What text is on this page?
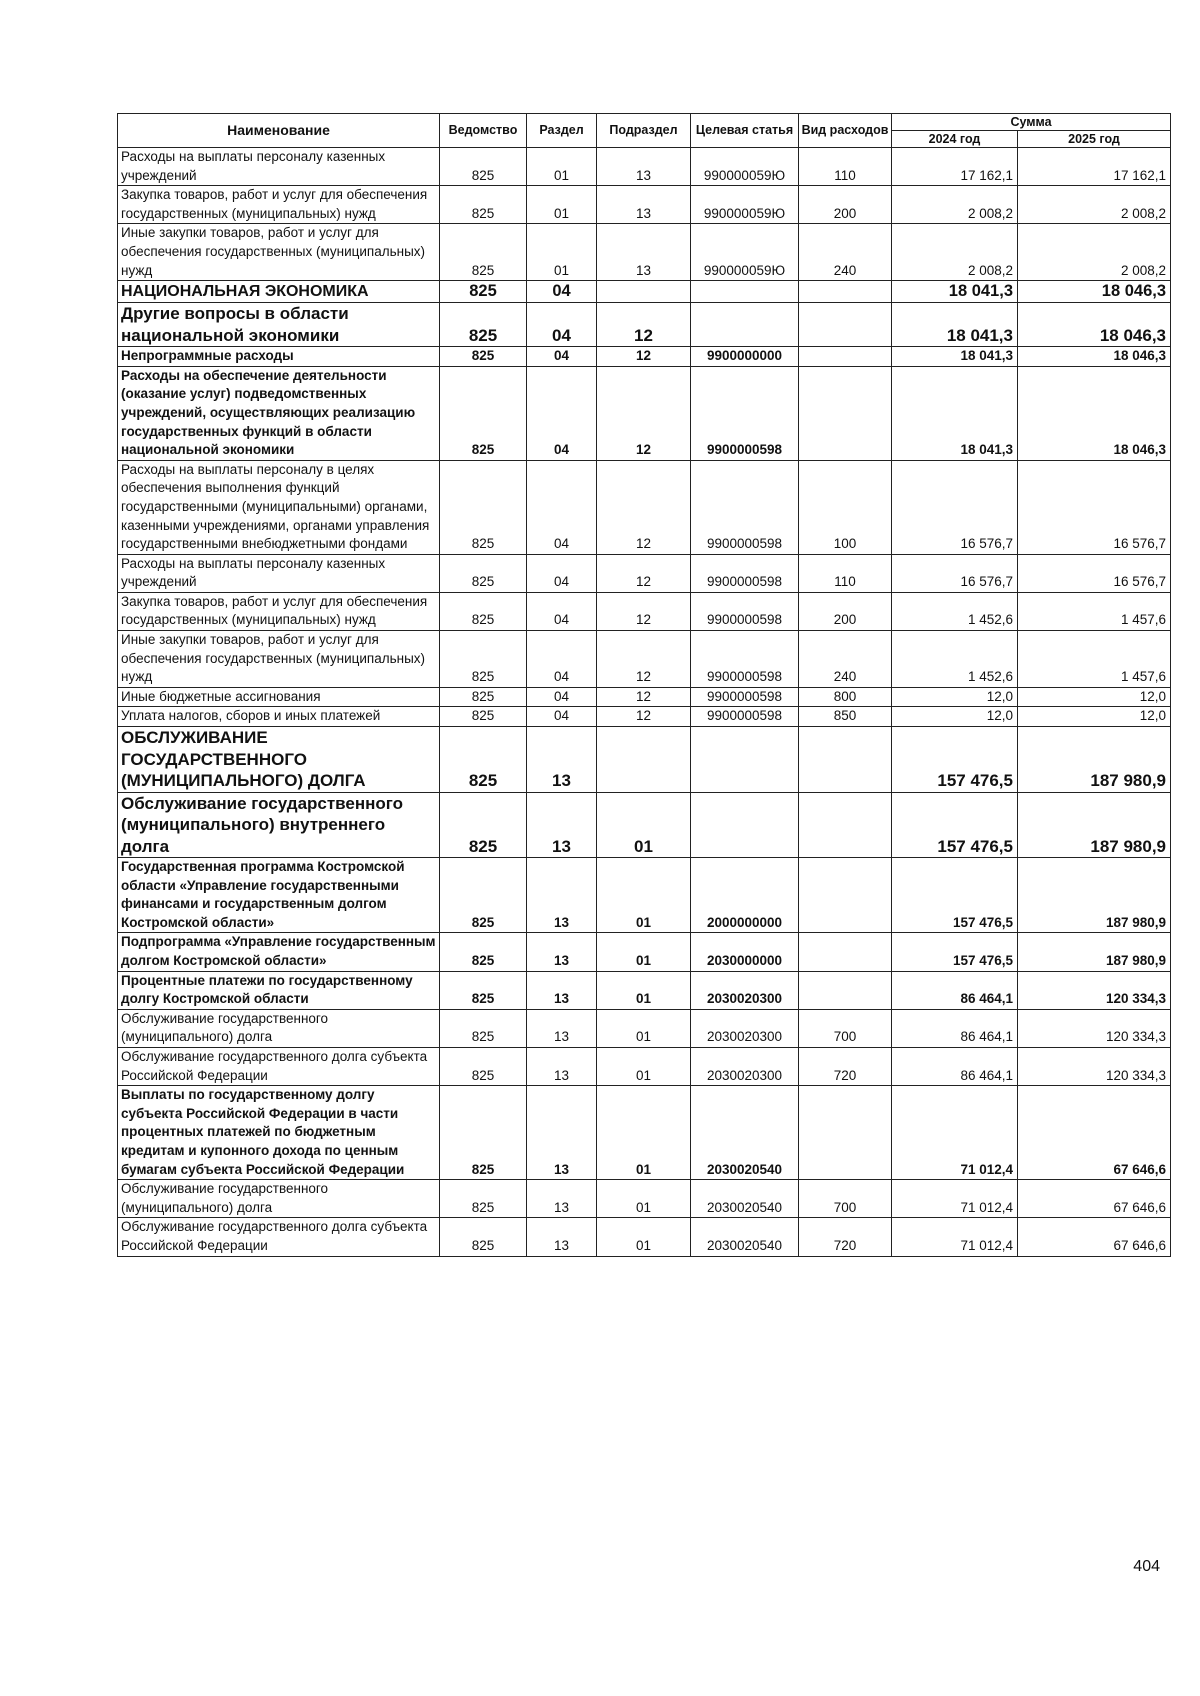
Наименование	Ведомство	Раздел	Подраздел	Целевая статья	Вид расходов	Сумма	
						2024 год	2025 год
Расходы на выплаты персоналу казенных учреждений	825	01	13	990000059Ю	110	17 162,1	17 162,1
Закупка товаров, работ и услуг для обеспечения государственных (муниципальных) нужд	825	01	13	990000059Ю	200	2 008,2	2 008,2
Иные закупки товаров, работ и услуг для обеспечения государственных (муниципальных) нужд	825	01	13	990000059Ю	240	2 008,2	2 008,2
НАЦИОНАЛЬНАЯ ЭКОНОМИКА	825	04				18 041,3	18 046,3
Другие вопросы в области национальной экономики	825	04	12			18 041,3	18 046,3
Непрограммные расходы	825	04	12	9900000000		18 041,3	18 046,3
Расходы на обеспечение деятельности (оказание услуг) подведомственных учреждений, осуществляющих реализацию государственных функций в области национальной экономики	825	04	12	9900000598		18 041,3	18 046,3
Расходы на выплаты персоналу в целях обеспечения выполнения функций государственными (муниципальными) органами, казенными учреждениями, органами управления государственными внебюджетными фондами	825	04	12	9900000598	100	16 576,7	16 576,7
Расходы на выплаты персоналу казенных учреждений	825	04	12	9900000598	110	16 576,7	16 576,7
Закупка товаров, работ и услуг для обеспечения государственных (муниципальных) нужд	825	04	12	9900000598	200	1 452,6	1 457,6
Иные закупки товаров, работ и услуг для обеспечения государственных (муниципальных) нужд	825	04	12	9900000598	240	1 452,6	1 457,6
Иные бюджетные ассигнования	825	04	12	9900000598	800	12,0	12,0
Уплата налогов, сборов и иных платежей	825	04	12	9900000598	850	12,0	12,0
ОБСЛУЖИВАНИЕ ГОСУДАРСТВЕННОГО (МУНИЦИПАЛЬНОГО) ДОЛГА	825	13				157 476,5	187 980,9
Обслуживание государственного (муниципального) внутреннего долга	825	13	01			157 476,5	187 980,9
Государственная программа Костромской области «Управление государственными финансами и государственным долгом Костромской области»	825	13	01	2000000000		157 476,5	187 980,9
Подпрограмма «Управление государственным долгом Костромской области»	825	13	01	2030000000		157 476,5	187 980,9
Процентные платежи по государственному долгу Костромской области	825	13	01	2030020300		86 464,1	120 334,3
Обслуживание государственного (муниципального) долга	825	13	01	2030020300	700	86 464,1	120 334,3
Обслуживание государственного долга субъекта Российской Федерации	825	13	01	2030020300	720	86 464,1	120 334,3
Выплаты по государственному долгу субъекта Российской Федерации в части процентных платежей по бюджетным кредитам и купонного дохода по ценным бумагам субъекта Российской Федерации	825	13	01	2030020540		71 012,4	67 646,6
Обслуживание государственного (муниципального) долга	825	13	01	2030020540	700	71 012,4	67 646,6
Обслуживание государственного долга субъекта Российской Федерации	825	13	01	2030020540	720	71 012,4	67 646,6
404
